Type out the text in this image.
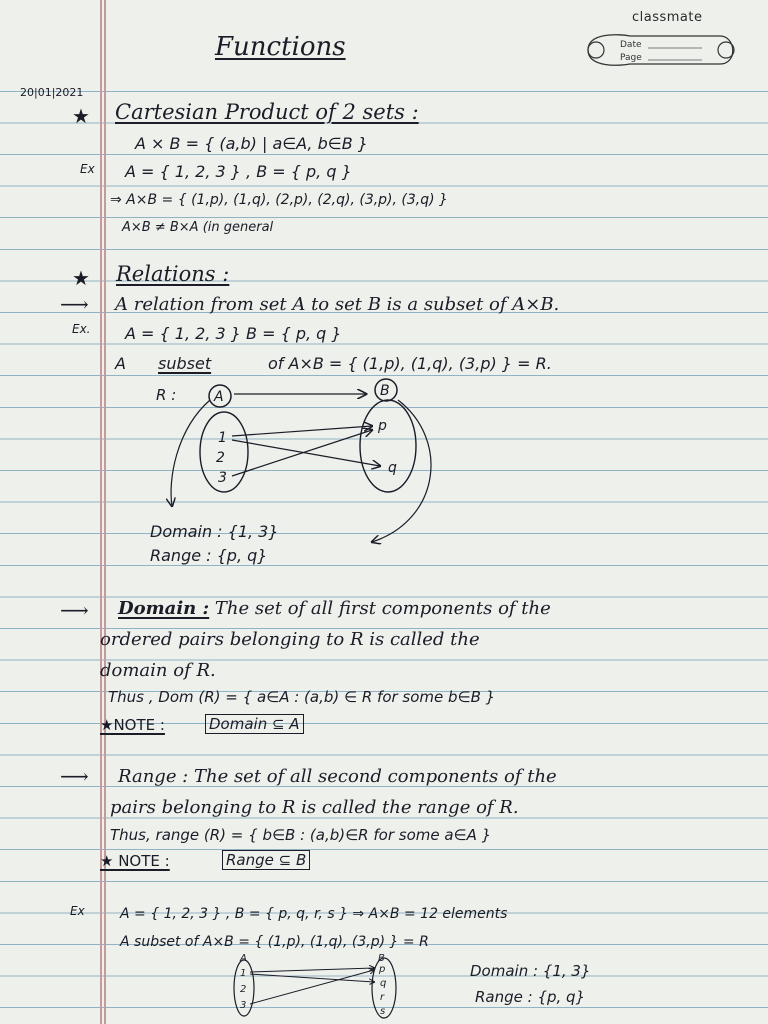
classmate
Date
Page
Functions
20|01|2021
★ Cartesian Product of 2 sets :
A × B = { (a,b) | a∈A, b∈B }
Ex A = { 1, 2, 3 } , B = { p, q }
⇒ A×B = { (1,p), (1,q), (2,p), (2,q), (3,p), (3,q) }
A×B ≠ B×A (in general
★ Relations :
⟶ A relation from set A to set B is a subset of A×B.
Ex. A = { 1, 2, 3 } B = { p, q }
A subset	of A×B = { (1,p), (1,q), (3,p) } = R.
R :	A	B
1
2
3
p
q
Domain : {1, 3}
Range : {p, q}
⟶ Domain : The set of all first components of the
ordered pairs belonging to R is called the
domain of R.
Thus , Dom (R) = { a∈A : (a,b) ∈ R for some b∈B }
★NOTE :	Domain ⊆ A
⟶ Range : The set of all second components of the
pairs belonging to R is called the range of R.
Thus, range (R) = { b∈B : (a,b)∈R for some a∈A }
★ NOTE :	Range ⊆ B
Ex	A = { 1, 2, 3 } , B = { p, q, r, s } ⇒ A×B = 12 elements
A subset of A×B = { (1,p), (1,q), (3,p) } = R
A	B
1
2
3
p
q
r
s
Domain : {1, 3}
Range : {p, q}
